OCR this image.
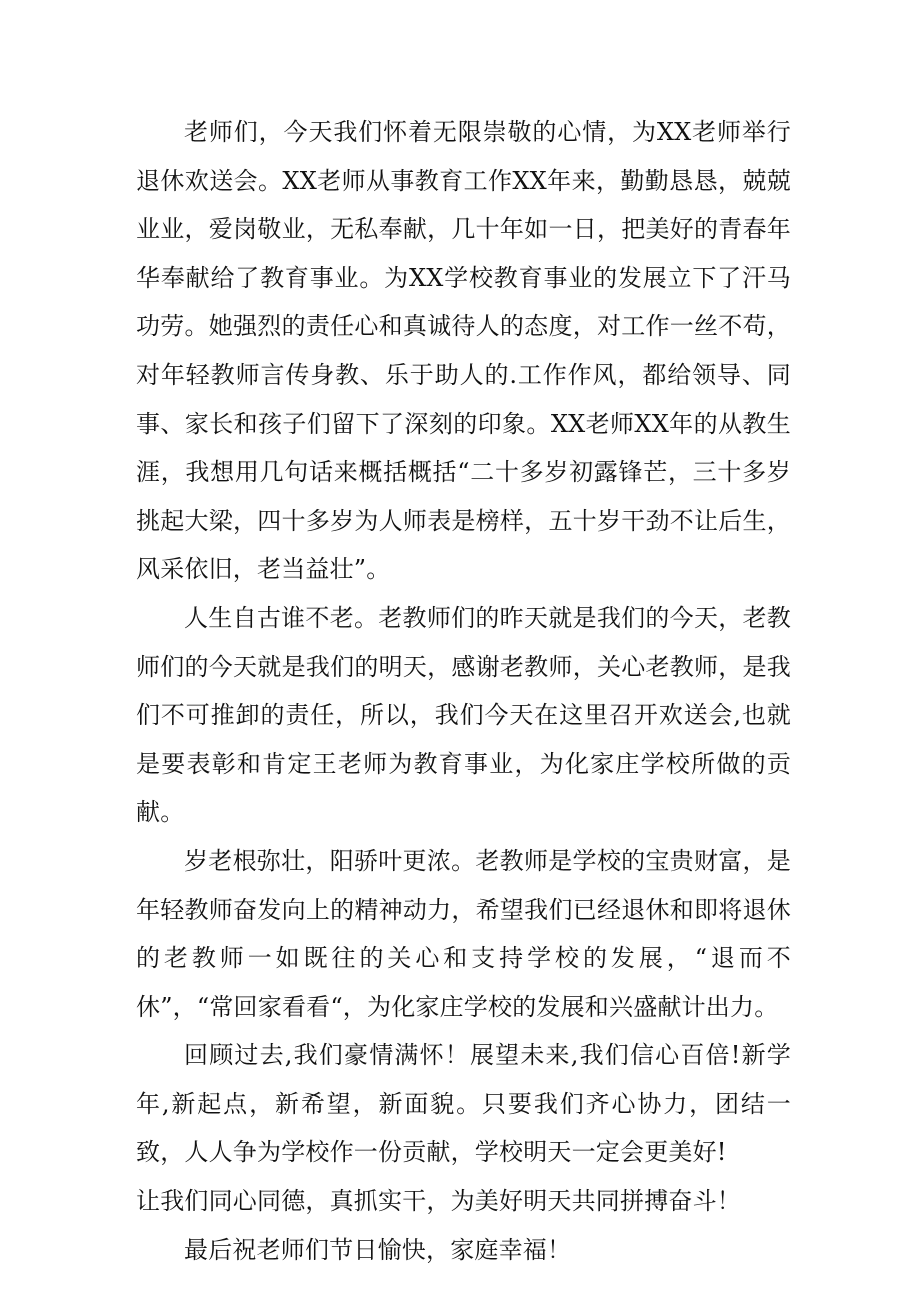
老师们，今天我们怀着无限崇敬的心情，为XX老师举行退休欢送会。XX老师从事教育工作XX年来，勤勤恳恳，兢兢业业，爱岗敬业，无私奉献，几十年如一日，把美好的青春年华奉献给了教育事业。为XX学校教育事业的发展立下了汗马功劳。她强烈的责任心和真诚待人的态度，对工作一丝不苟，对年轻教师言传身教、乐于助人的.工作作风，都给领导、同事、家长和孩子们留下了深刻的印象。XX老师XX年的从教生涯，我想用几句话来概括概括“二十多岁初露锋芒，三十多岁挑起大梁，四十多岁为人师表是榜样，五十岁干劲不让后生，风采依旧，老当益壮”。

人生自古谁不老。老教师们的昨天就是我们的今天，老教师们的今天就是我们的明天，感谢老教师，关心老教师，是我们不可推卸的责任，所以，我们今天在这里召开欢送会,也就是要表彰和肯定王老师为教育事业，为化家庄学校所做的贡献。

岁老根弥壮，阳骄叶更浓。老教师是学校的宝贵财富，是年轻教师奋发向上的精神动力，希望我们已经退休和即将退休的老教师一如既往的关心和支持学校的发展，“退而不休”，“常回家看看“，为化家庄学校的发展和兴盛献计出力。

回顾过去,我们豪情满怀！展望未来,我们信心百倍!新学年,新起点，新希望，新面貌。只要我们齐心协力，团结一致，人人争为学校作一份贡献，学校明天一定会更美好!

让我们同心同德，真抓实干，为美好明天共同拼搏奋斗！

最后祝老师们节日愉快，家庭幸福！
